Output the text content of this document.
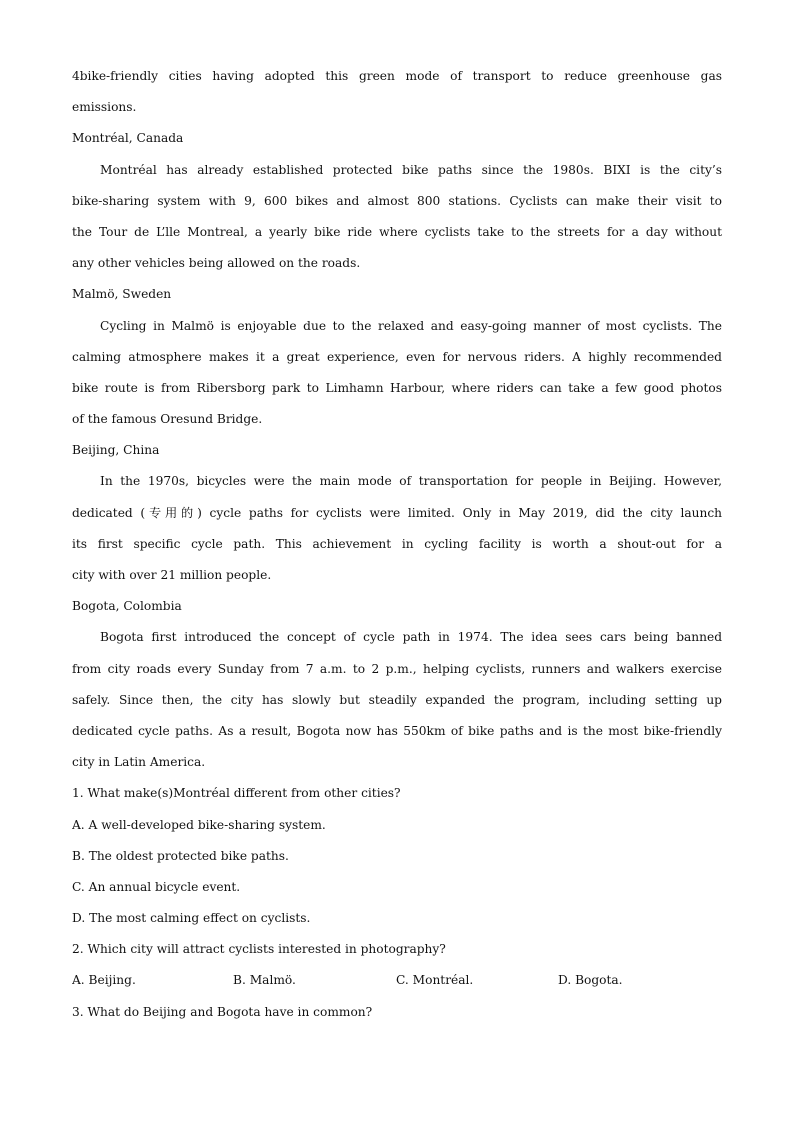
4bike-friendly cities having adopted this green mode of transport to reduce greenhouse gas
emissions.
Montréal, Canada
Montréal has already established protected bike paths since the 1980s. BIXI is the city’s
bike-sharing system with 9, 600 bikes and almost 800 stations. Cyclists can make their visit to
the Tour de L’lle Montreal, a yearly bike ride where cyclists take to the streets for a day without
any other vehicles being allowed on the roads.
Malmö, Sweden
Cycling in Malmö is enjoyable due to the relaxed and easy-going manner of most cyclists. The
calming atmosphere makes it a great experience, even for nervous riders. A highly recommended
bike route is from Ribersborg park to Limhamn Harbour, where riders can take a few good photos
of the famous Oresund Bridge.
Beijing, China
In the 1970s, bicycles were the main mode of transportation for people in Beijing. However,
dedicated (专用的) cycle paths for cyclists were limited. Only in May 2019, did the city launch
its first specific cycle path. This achievement in cycling facility is worth a shout-out for a
city with over 21 million people.
Bogota, Colombia
Bogota first introduced the concept of cycle path in 1974. The idea sees cars being banned
from city roads every Sunday from 7 a.m. to 2 p.m., helping cyclists, runners and walkers exercise
safely. Since then, the city has slowly but steadily expanded the program, including setting up
dedicated cycle paths. As a result, Bogota now has 550km of bike paths and is the most bike-friendly
city in Latin America.
1. What make(s)Montréal different from other cities?
A. A well-developed bike-sharing system.
B. The oldest protected bike paths.
C. An annual bicycle event.
D. The most calming effect on cyclists.
2. Which city will attract cyclists interested in photography?
A. Beijing.	B. Malmö.	C. Montréal.	D. Bogota.
3. What do Beijing and Bogota have in common?
